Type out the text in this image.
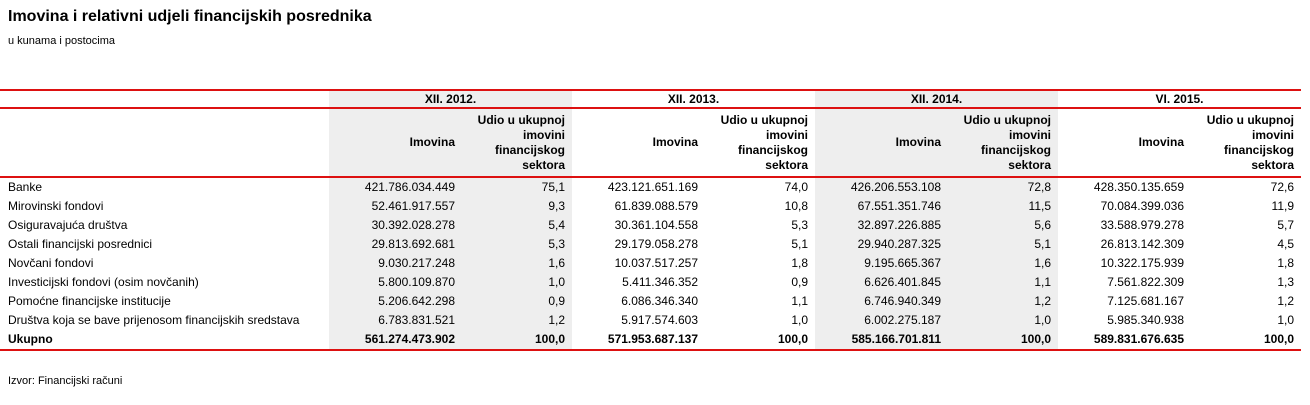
Imovina i relativni udjeli financijskih posrednika
u kunama i postocima
	XII. 2012.		XII. 2013.		XII. 2014.		VI. 2015.	
	Imovina	Udio u ukupnoj imovini financijskog sektora	Imovina	Udio u ukupnoj imovini financijskog sektora	Imovina	Udio u ukupnoj imovini financijskog sektora	Imovina	Udio u ukupnoj imovini financijskog sektora
Banke	421.786.034.449	75,1	423.121.651.169	74,0	426.206.553.108	72,8	428.350.135.659	72,6
Mirovinski fondovi	52.461.917.557	9,3	61.839.088.579	10,8	67.551.351.746	11,5	70.084.399.036	11,9
Osiguravajuća društva	30.392.028.278	5,4	30.361.104.558	5,3	32.897.226.885	5,6	33.588.979.278	5,7
Ostali financijski posrednici	29.813.692.681	5,3	29.179.058.278	5,1	29.940.287.325	5,1	26.813.142.309	4,5
Novčani fondovi	9.030.217.248	1,6	10.037.517.257	1,8	9.195.665.367	1,6	10.322.175.939	1,8
Investicijski fondovi (osim novčanih)	5.800.109.870	1,0	5.411.346.352	0,9	6.626.401.845	1,1	7.561.822.309	1,3
Pomoćne financijske institucije	5.206.642.298	0,9	6.086.346.340	1,1	6.746.940.349	1,2	7.125.681.167	1,2
Društva koja se bave prijenosom financijskih sredstava	6.783.831.521	1,2	5.917.574.603	1,0	6.002.275.187	1,0	5.985.340.938	1,0
Ukupno	561.274.473.902	100,0	571.953.687.137	100,0	585.166.701.811	100,0	589.831.676.635	100,0
Izvor: Financijski računi
